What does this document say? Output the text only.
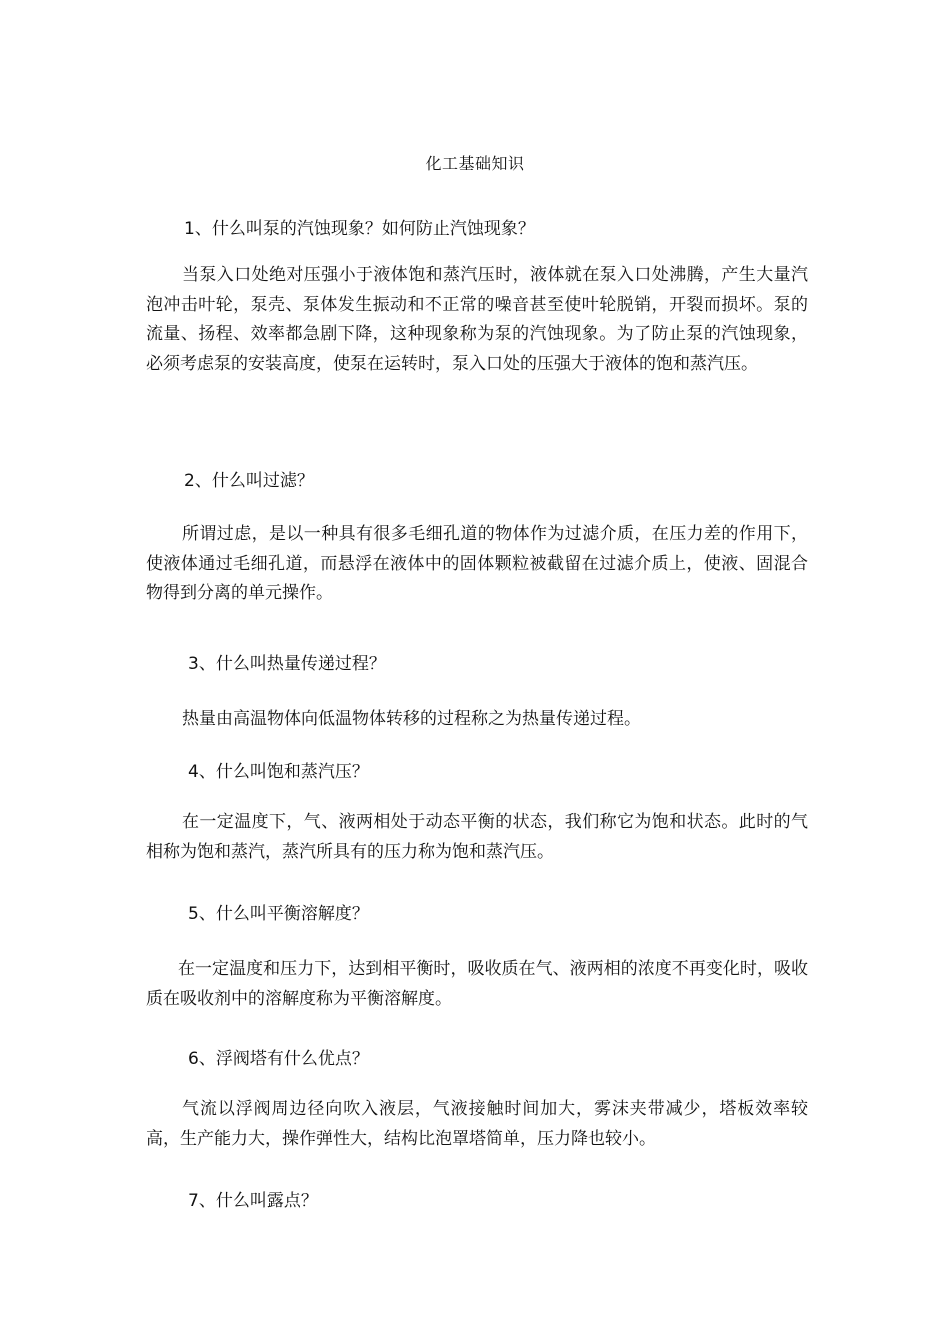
化工基础知识
1、什么叫泵的汽蚀现象？如何防止汽蚀现象？
当泵入口处绝对压强小于液体饱和蒸汽压时，液体就在泵入口处沸腾，产生大量汽泡冲击叶轮，泵壳、泵体发生振动和不正常的噪音甚至使叶轮脱销，开裂而损坏。泵的流量、扬程、效率都急剧下降，这种现象称为泵的汽蚀现象。为了防止泵的汽蚀现象，必须考虑泵的安装高度，使泵在运转时，泵入口处的压强大于液体的饱和蒸汽压。
2、什么叫过滤？
所谓过虑，是以一种具有很多毛细孔道的物体作为过滤介质，在压力差的作用下，使液体通过毛细孔道，而悬浮在液体中的固体颗粒被截留在过滤介质上，使液、固混合物得到分离的单元操作。
3、什么叫热量传递过程？
热量由高温物体向低温物体转移的过程称之为热量传递过程。
4、什么叫饱和蒸汽压？
在一定温度下，气、液两相处于动态平衡的状态，我们称它为饱和状态。此时的气相称为饱和蒸汽，蒸汽所具有的压力称为饱和蒸汽压。
5、什么叫平衡溶解度？
在一定温度和压力下，达到相平衡时，吸收质在气、液两相的浓度不再变化时，吸收质在吸收剂中的溶解度称为平衡溶解度。
6、浮阀塔有什么优点？
气流以浮阀周边径向吹入液层，气液接触时间加大，雾沫夹带减少，塔板效率较高，生产能力大，操作弹性大，结构比泡罩塔简单，压力降也较小。
7、什么叫露点？
